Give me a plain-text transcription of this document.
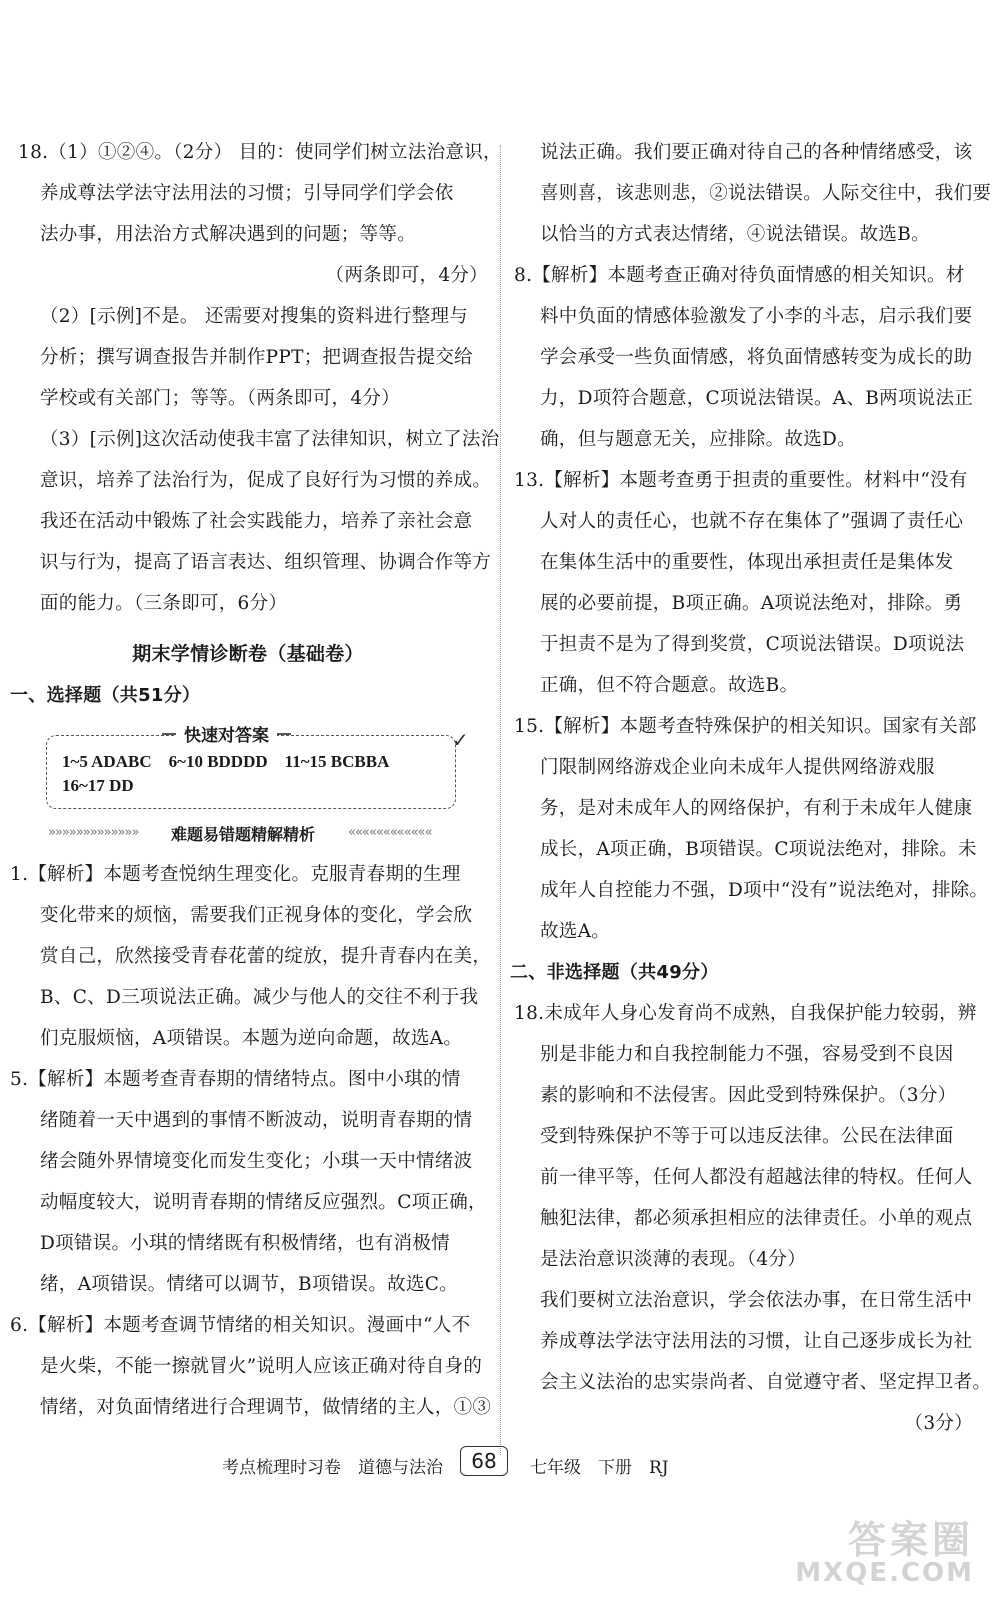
18.（1）①②④。（2分） 目的：使同学们树立法治意识，
养成尊法学法守法用法的习惯；引导同学们学会依
法办事，用法治方式解决遇到的问题；等等。
（两条即可，4分）
（2）[示例]不是。 还需要对搜集的资料进行整理与
分析；撰写调查报告并制作PPT；把调查报告提交给
学校或有关部门；等等。（两条即可，4分）
（3）[示例]这次活动使我丰富了法律知识，树立了法治
意识，培养了法治行为，促成了良好行为习惯的养成。
我还在活动中锻炼了社会实践能力，培养了亲社会意
识与行为，提高了语言表达、组织管理、协调合作等方
面的能力。（三条即可，6分）
期末学情诊断卷（基础卷）
一、选择题（共51分）
快速对答案	✓
1~5 ADABC　6~10 BDDDD　11~15 BCBBA
16~17 DD
»»»»»»»»»»»»» 难题易错题精解精析	««««««««««««
1.【解析】本题考查悦纳生理变化。克服青春期的生理
变化带来的烦恼，需要我们正视身体的变化，学会欣
赏自己，欣然接受青春花蕾的绽放，提升青春内在美，
B、C、D三项说法正确。减少与他人的交往不利于我
们克服烦恼，A项错误。本题为逆向命题，故选A。
5.【解析】本题考查青春期的情绪特点。图中小琪的情
绪随着一天中遇到的事情不断波动，说明青春期的情
绪会随外界情境变化而发生变化；小琪一天中情绪波
动幅度较大，说明青春期的情绪反应强烈。C项正确，
D项错误。小琪的情绪既有积极情绪，也有消极情
绪，A项错误。情绪可以调节，B项错误。故选C。
6.【解析】本题考查调节情绪的相关知识。漫画中“人不
是火柴，不能一擦就冒火”说明人应该正确对待自身的
情绪，对负面情绪进行合理调节，做情绪的主人，①③
说法正确。我们要正确对待自己的各种情绪感受，该
喜则喜，该悲则悲，②说法错误。人际交往中，我们要
以恰当的方式表达情绪，④说法错误。故选B。
8.【解析】本题考查正确对待负面情感的相关知识。材
料中负面的情感体验激发了小李的斗志，启示我们要
学会承受一些负面情感，将负面情感转变为成长的助
力，D项符合题意，C项说法错误。A、B两项说法正
确，但与题意无关，应排除。故选D。
13.【解析】本题考查勇于担责的重要性。材料中“没有
人对人的责任心，也就不存在集体了”强调了责任心
在集体生活中的重要性，体现出承担责任是集体发
展的必要前提，B项正确。A项说法绝对，排除。勇
于担责不是为了得到奖赏，C项说法错误。D项说法
正确，但不符合题意。故选B。
15.【解析】本题考查特殊保护的相关知识。国家有关部
门限制网络游戏企业向未成年人提供网络游戏服
务，是对未成年人的网络保护，有利于未成年人健康
成长，A项正确，B项错误。C项说法绝对，排除。未
成年人自控能力不强，D项中“没有”说法绝对，排除。
故选A。
二、非选择题（共49分）
18.未成年人身心发育尚不成熟，自我保护能力较弱，辨
别是非能力和自我控制能力不强，容易受到不良因
素的影响和不法侵害。因此受到特殊保护。（3分）
受到特殊保护不等于可以违反法律。公民在法律面
前一律平等，任何人都没有超越法律的特权。任何人
触犯法律，都必须承担相应的法律责任。小单的观点
是法治意识淡薄的表现。（4分）
我们要树立法治意识，学会依法办事，在日常生活中
养成尊法学法守法用法的习惯，让自己逐步成长为社
会主义法治的忠实崇尚者、自觉遵守者、坚定捍卫者。
（3分）
考点梳理时习卷　道德与法治	68	七年级　下册　RJ
答案圈
MXQE.COM
